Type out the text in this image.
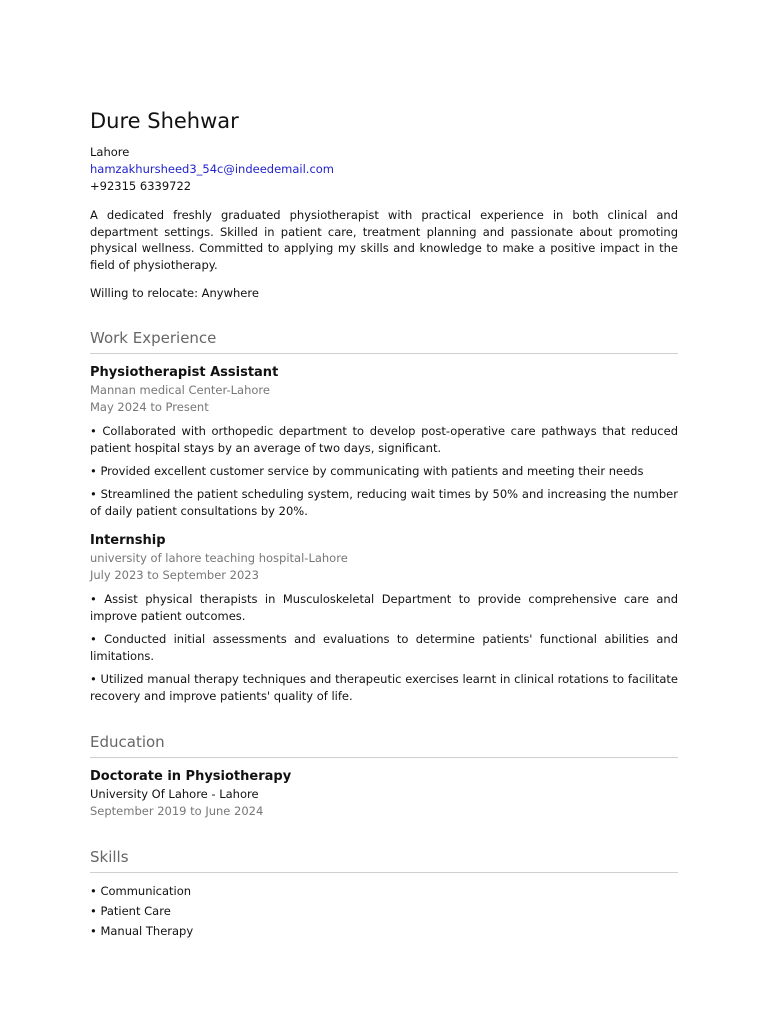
Dure Shehwar

Lahore

hamzakhursheed3_54c@indeedemail.com

+92315 6339722

A dedicated freshly graduated physiotherapist with practical experience in both clinical and department settings. Skilled in patient care, treatment planning and passionate about promoting physical wellness. Committed to applying my skills and knowledge to make a positive impact in the field of physiotherapy.

Willing to relocate: Anywhere

Work Experience

Physiotherapist Assistant

Mannan medical Center-Lahore

May 2024 to Present

• Collaborated with orthopedic department to develop post-operative care pathways that reduced patient hospital stays by an average of two days, significant.

• Provided excellent customer service by communicating with patients and meeting their needs

• Streamlined the patient scheduling system, reducing wait times by 50% and increasing the number of daily patient consultations by 20%.

Internship

university of lahore teaching hospital-Lahore

July 2023 to September 2023

• Assist physical therapists in Musculoskeletal Department to provide comprehensive care and improve patient outcomes.

• Conducted initial assessments and evaluations to determine patients' functional abilities and limitations.

• Utilized manual therapy techniques and therapeutic exercises learnt in clinical rotations to facilitate recovery and improve patients' quality of life.

Education

Doctorate in Physiotherapy

University Of Lahore - Lahore

September 2019 to June 2024

Skills
• Communication
• Patient Care
• Manual Therapy
